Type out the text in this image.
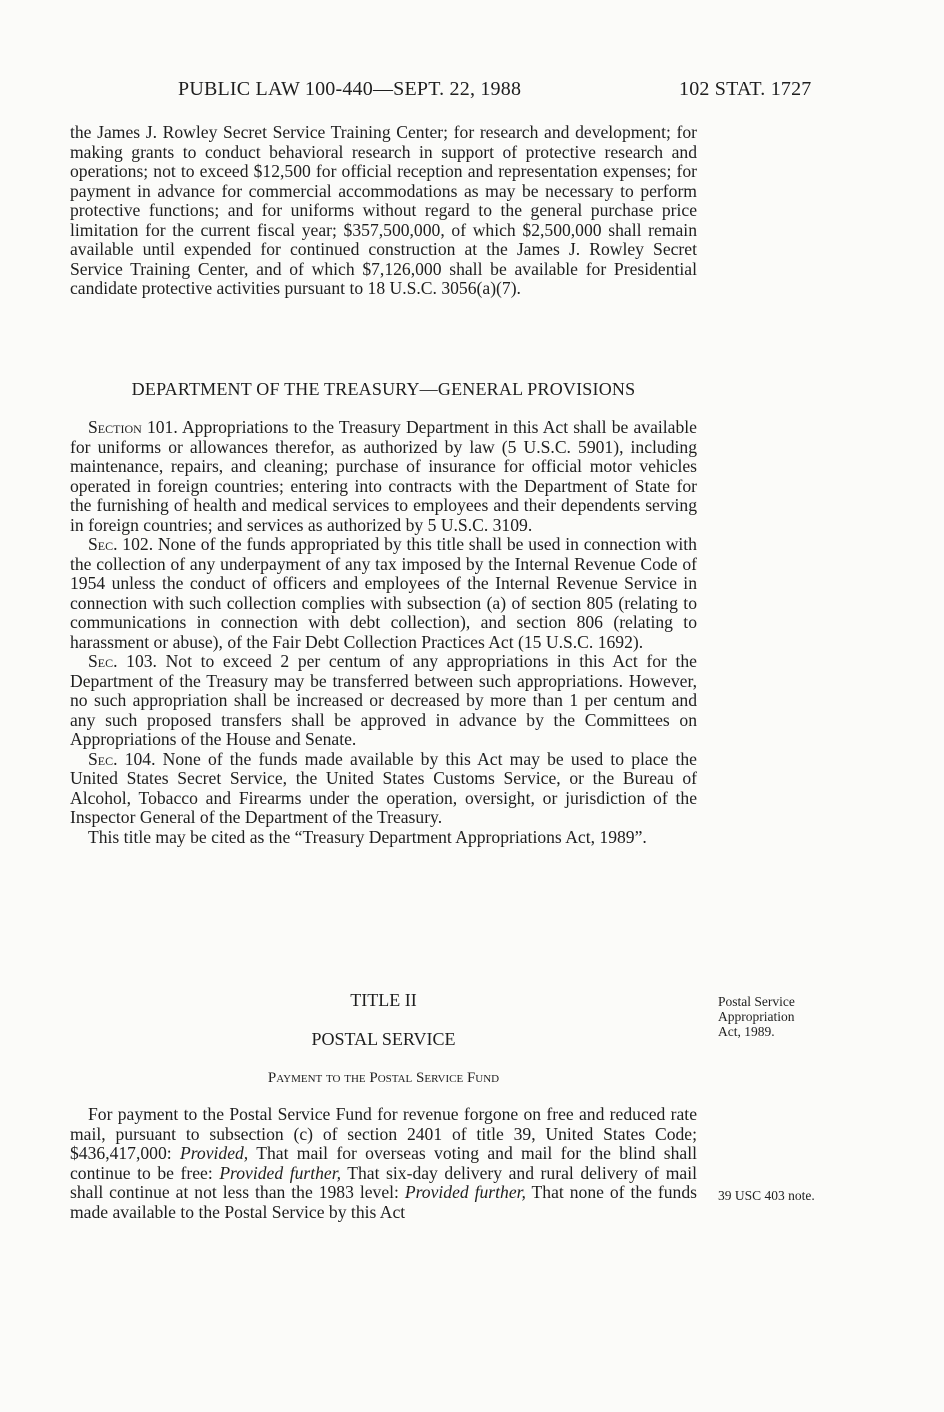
PUBLIC LAW 100-440—SEPT. 22, 1988	102 STAT. 1727

the James J. Rowley Secret Service Training Center; for research and development; for making grants to conduct behavioral research in support of protective research and operations; not to exceed $12,500 for official reception and representation expenses; for payment in advance for commercial accommodations as may be necessary to perform protective functions; and for uniforms without regard to the general purchase price limitation for the current fiscal year; $357,500,000, of which $2,500,000 shall remain available until expended for continued construction at the James J. Rowley Secret Service Training Center, and of which $7,126,000 shall be available for Presidential candidate protective activities pursuant to 18 U.S.C. 3056(a)(7).

DEPARTMENT OF THE TREASURY—GENERAL PROVISIONS

Section 101. Appropriations to the Treasury Department in this Act shall be available for uniforms or allowances therefor, as authorized by law (5 U.S.C. 5901), including maintenance, repairs, and cleaning; purchase of insurance for official motor vehicles operated in foreign countries; entering into contracts with the Department of State for the furnishing of health and medical services to employees and their dependents serving in foreign countries; and services as authorized by 5 U.S.C. 3109.

Sec. 102. None of the funds appropriated by this title shall be used in connection with the collection of any underpayment of any tax imposed by the Internal Revenue Code of 1954 unless the conduct of officers and employees of the Internal Revenue Service in connection with such collection complies with subsection (a) of section 805 (relating to communications in connection with debt collection), and section 806 (relating to harassment or abuse), of the Fair Debt Collection Practices Act (15 U.S.C. 1692).

Sec. 103. Not to exceed 2 per centum of any appropriations in this Act for the Department of the Treasury may be transferred between such appropriations. However, no such appropriation shall be increased or decreased by more than 1 per centum and any such proposed transfers shall be approved in advance by the Committees on Appropriations of the House and Senate.

Sec. 104. None of the funds made available by this Act may be used to place the United States Secret Service, the United States Customs Service, or the Bureau of Alcohol, Tobacco and Firearms under the operation, oversight, or jurisdiction of the Inspector General of the Department of the Treasury.

This title may be cited as the “Treasury Department Appropriations Act, 1989”.

TITLE II
POSTAL SERVICE
Payment to the Postal Service Fund

For payment to the Postal Service Fund for revenue forgone on free and reduced rate mail, pursuant to subsection (c) of section 2401 of title 39, United States Code; $436,417,000: Provided, That mail for overseas voting and mail for the blind shall continue to be free: Provided further, That six-day delivery and rural delivery of mail shall continue at not less than the 1983 level: Provided further, That none of the funds made available to the Postal Service by this Act

Postal Service
Appropriation
Act, 1989.
39 USC 403 note.
